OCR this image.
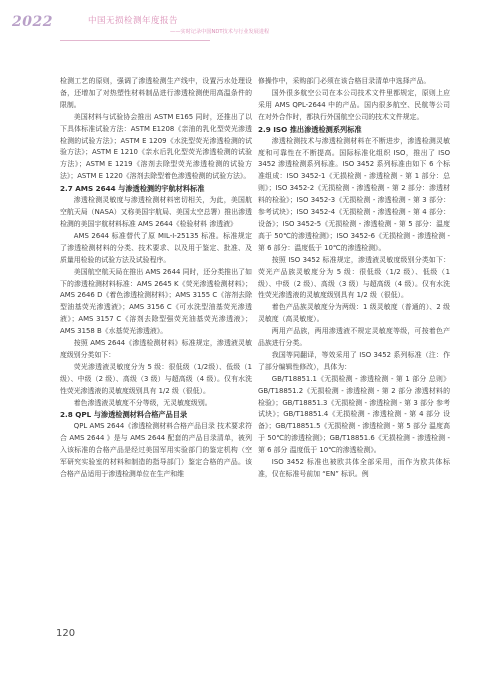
2022	中国无损检测年度报告
——实时记录中国NDT技术与行业发展进程

检测工艺的原则，强调了渗透检测生产线中，设置污水处理设备，还增加了对热塑性材料制品进行渗透检测使用高温条件的限制。

美国材料与试验协会推出 ASTM E165 同时，还推出了以下具体标准试验方法：ASTM E1208《亲油的乳化型荧光渗透检测的试验方法》；ASTM E 1209《水洗型荧光渗透检测的试验方法》；ASTM E 1210《亲水后乳化型荧光渗透检测的试验方法》；ASTM E 1219《溶剂去除型荧光渗透检测的试验方法》；ASTM E 1220《溶剂去除型着色渗透检测的试验方法》。

2.7 AMS 2644 与渗透检测的宇航材料标准

渗透检测灵敏度与渗透检测材料密切相关，为此，美国航空航天局（NASA）又称美国宇航局、美国太空总署）推出渗透检测的美国宇航材料标准 AMS 2644《检验材料 渗透液》

AMS 2644 标准替代了原 MIL-I-25135 标准。标准规定了渗透检测材料的分类、技术要求、以及用于鉴定、批准、及质量用检验的试验方法及试验程序。

美国航空航天局在推出 AMS 2644 同时，还分类推出了如下的渗透检测材料标准：AMS 2645 K《荧光渗透检测材料》；AMS 2646 D《着色渗透检测材料》；AMS 3155 C《溶剂去除型油基荧光渗透液》；AMS 3156 C《可水洗型油基荧光渗透液》；AMS 3157 C《溶剂去除型强荧光油基荧光渗透液》；AMS 3158 B《水基荧光渗透液》。

按照 AMS 2644《渗透检测材料》标准规定，渗透液灵敏度级别分类如下：

荧光渗透液灵敏度分为 5 级：很低级（1/2级）、低级（1 级）、中级（2 级）、高级（3 级）与超高级（4 级）。仅有水洗性荧光渗透液的灵敏度级别具有 1/2 级（很低）。

着色渗透液灵敏度不分等级，无灵敏度级别。

2.8 QPL 与渗透检测材料合格产品目录

QPL AMS 2644《渗透检测材料合格产品目录 技术要求符合 AMS 2644 》是与 AMS 2644 配套的产品目录清单，被列入该标准的合格产品是经过美国军用实验部门的鉴定机构（空军研究实验室的材料和制造的指导部门）鉴定合格的产品。该合格产品适用于渗透检测单位在生产和维

修操作中，采购部门必须在该合格目录清单中选择产品。

国外很多航空公司在本公司技术文件里都规定，原则上应采用 AMS QPL-2644 中的产品。国内很多航空、民航等公司在对外合作时，都执行外国航空公司的技术文件规定。

2.9 ISO 推出渗透检测系列标准

渗透检测技术与渗透检测材料在不断进步，渗透检测灵敏度和可靠性在不断提高。国际标准化组织 ISO，推出了 ISO 3452 渗透检测系列标准。ISO 3452 系列标准由如下 6 个标准组成：ISO 3452-1《无损检测 - 渗透检测 - 第 1 部分：总则》；ISO 3452-2《无损检测 - 渗透检测 - 第 2 部分：渗透材料的检验》；ISO 3452-3《无损检测 - 渗透检测 - 第 3 部分：参考试块》；ISO 3452-4《无损检测 - 渗透检测 - 第 4 部分：设备》；ISO 3452-5《无损检测 - 渗透检测 - 第 5 部分：温度高于 50℃的渗透检测》；ISO 3452-6《无损检测 - 渗透检测 - 第 6 部分：温度低于 10℃的渗透检测》。

按照 ISO 3452 标准规定，渗透液灵敏度级别分类如下：荧光产品族灵敏度分为 5 级：很低级（1/2 级）、低级（1 级）、中级（2 级）、高级（3 级）与超高级（4 级）。仅有水洗性荧光渗透液的灵敏度级别具有 1/2 级（很低）。

着色产品族灵敏度分为两级：1 级灵敏度（普通的）、2 级灵敏度（高灵敏度）。

两用产品族，两用渗透液不规定灵敏度等级，可按着色产品族进行分类。

我国等同翻译，等效采用了 ISO 3452 系列标准（注：作了部分编辑性修改），具体为：

GB/T18851.1《无损检测 - 渗透检测 - 第 1 部分 总则》GB/T18851.2《无损检测 - 渗透检测 - 第 2 部分 渗透材料的检验》；GB/T18851.3《无损检测 - 渗透检测 - 第 3 部分 参考试块》；GB/T18851.4《无损检测 - 渗透检测 - 第 4 部分 设备》；GB/T18851.5《无损检测 - 渗透检测 - 第 5 部分 温度高于 50℃的渗透检测》；GB/T18851.6《无损检测 - 渗透检测 - 第 6 部分 温度低于 10℃的渗透检测》。

ISO 3452 标准也被欧共体全部采用，而作为欧共体标准，仅在标准号前加 “EN” 标识。例

120
